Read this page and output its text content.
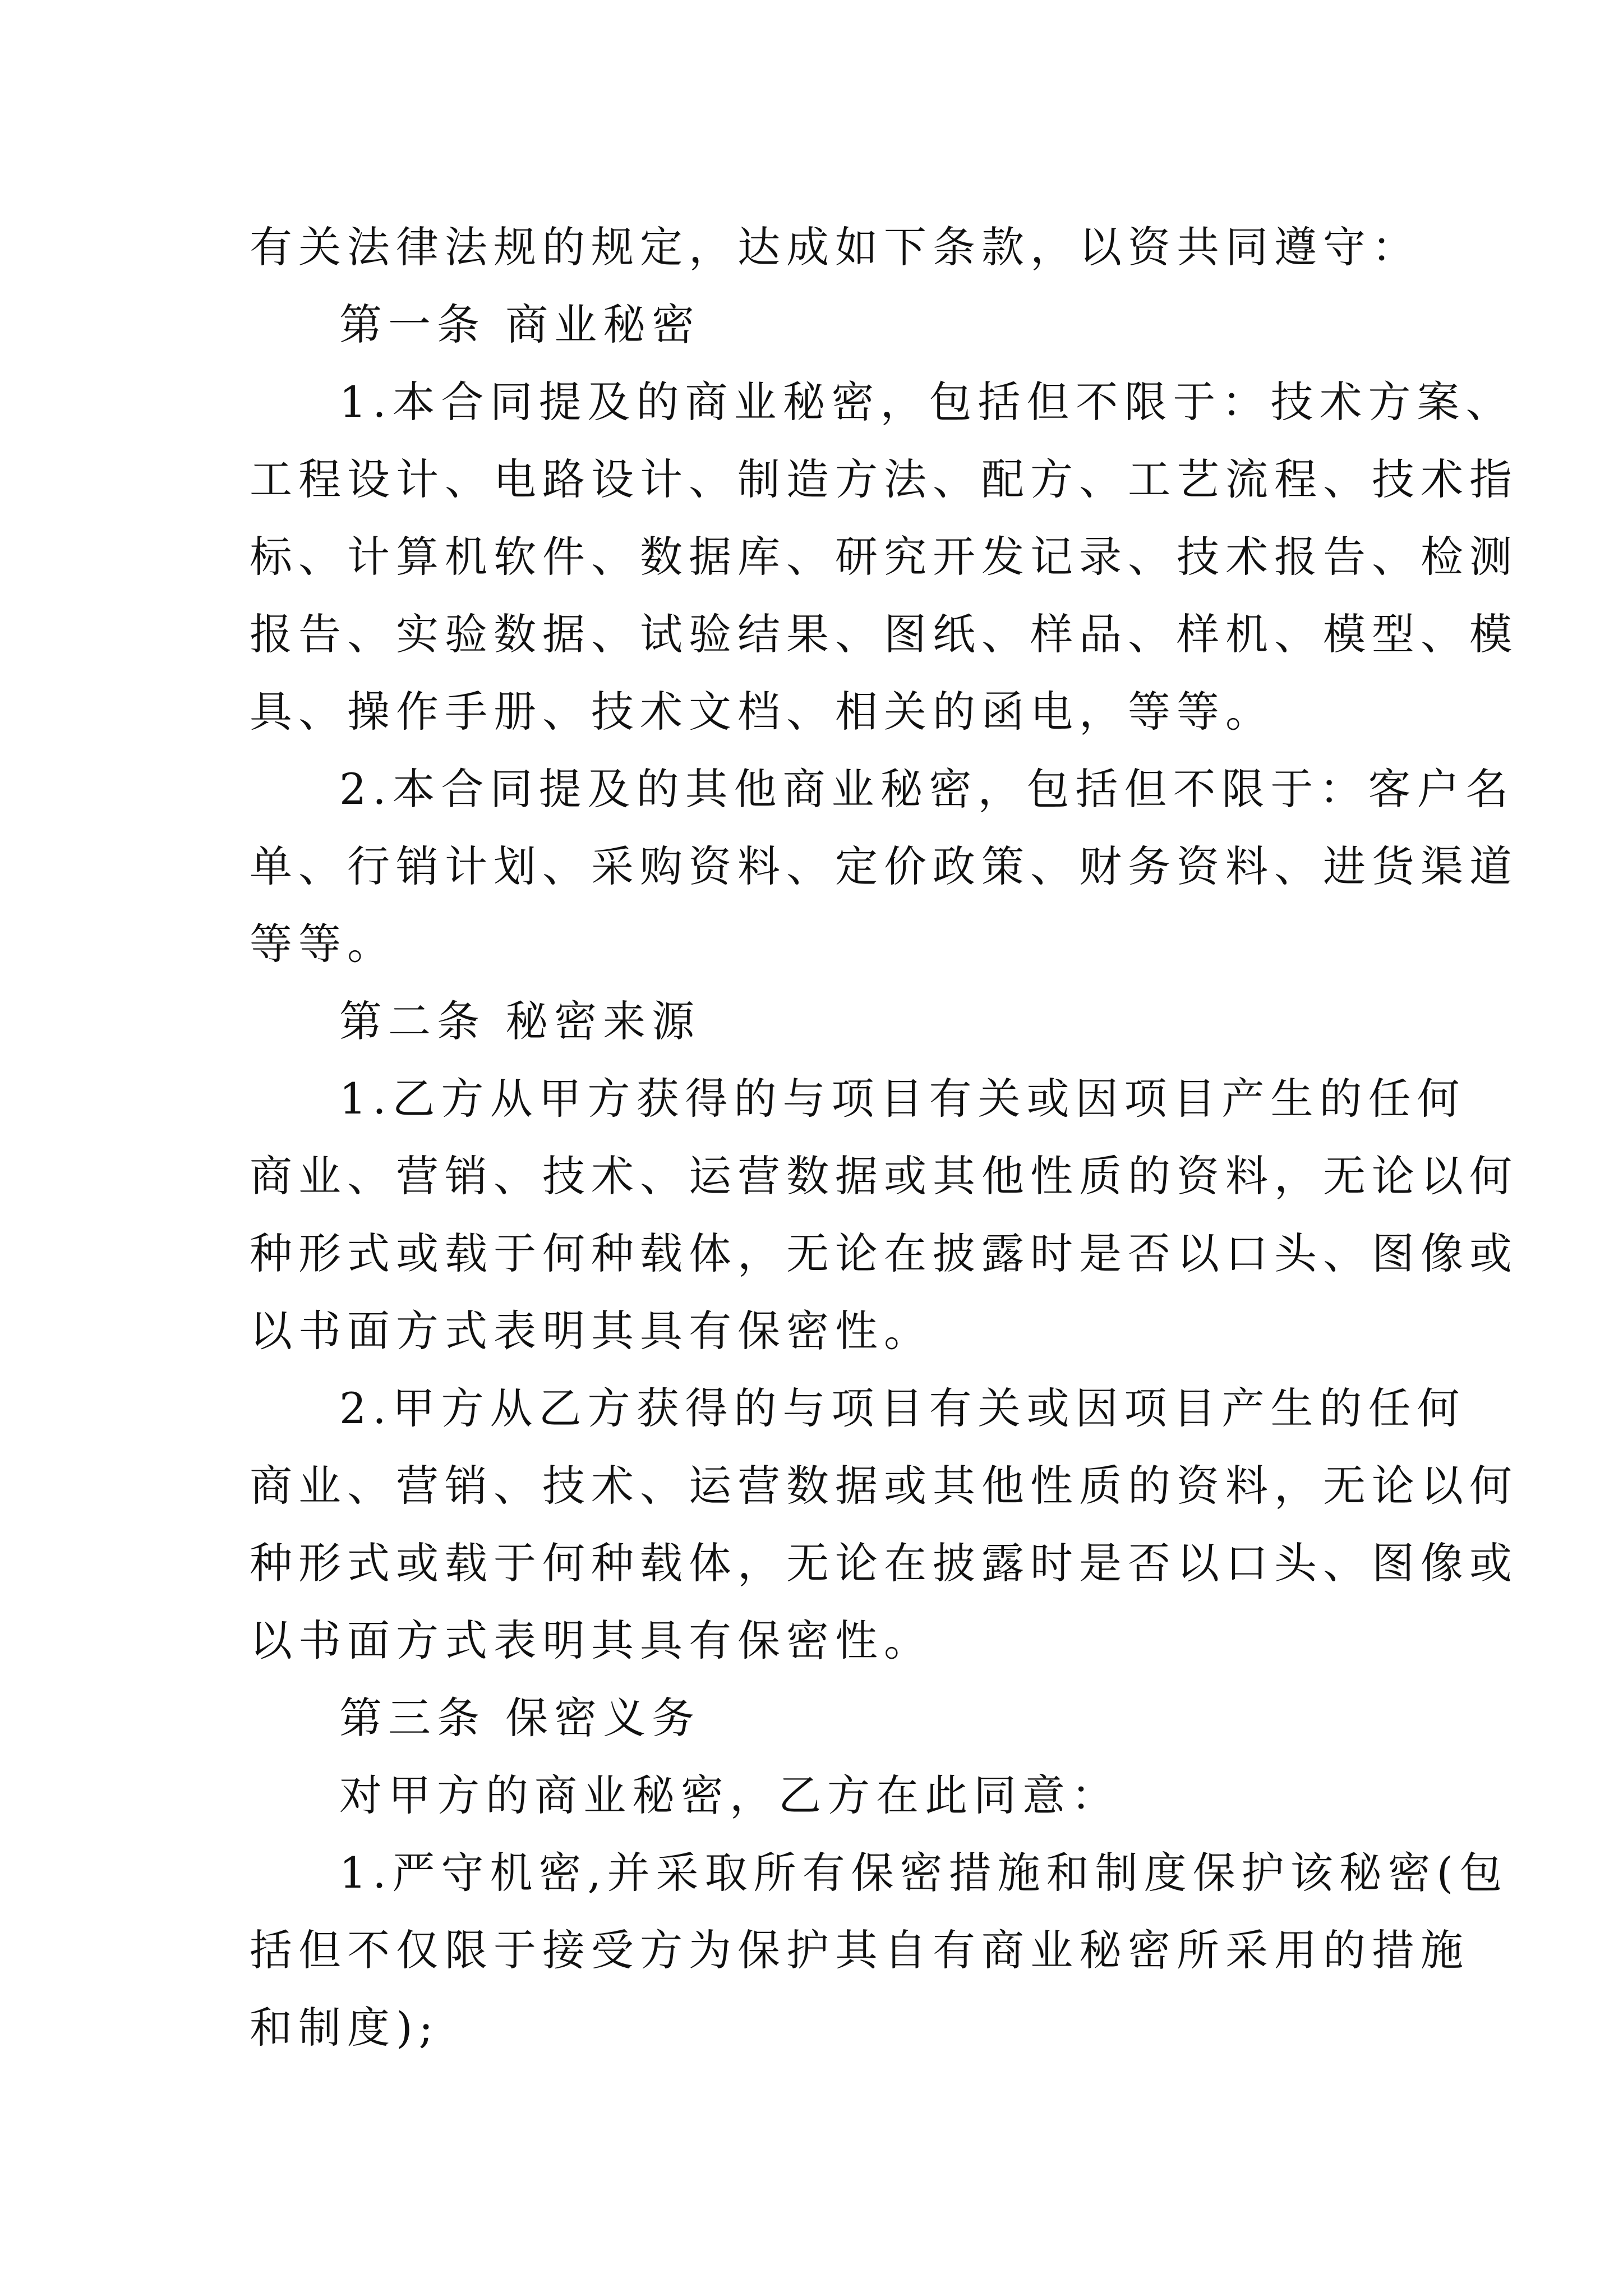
有关法律法规的规定，达成如下条款，以资共同遵守：
第一条 商业秘密
1.本合同提及的商业秘密，包括但不限于：技术方案、
工程设计、电路设计、制造方法、配方、工艺流程、技术指
标、计算机软件、数据库、研究开发记录、技术报告、检测
报告、实验数据、试验结果、图纸、样品、样机、模型、模
具、操作手册、技术文档、相关的函电，等等。
2.本合同提及的其他商业秘密，包括但不限于：客户名
单、行销计划、采购资料、定价政策、财务资料、进货渠道
等等。
第二条 秘密来源
1.乙方从甲方获得的与项目有关或因项目产生的任何
商业、营销、技术、运营数据或其他性质的资料，无论以何
种形式或载于何种载体，无论在披露时是否以口头、图像或
以书面方式表明其具有保密性。
2.甲方从乙方获得的与项目有关或因项目产生的任何
商业、营销、技术、运营数据或其他性质的资料，无论以何
种形式或载于何种载体，无论在披露时是否以口头、图像或
以书面方式表明其具有保密性。
第三条 保密义务
对甲方的商业秘密，乙方在此同意：
1.严守机密,并采取所有保密措施和制度保护该秘密(包
括但不仅限于接受方为保护其自有商业秘密所采用的措施
和制度);
